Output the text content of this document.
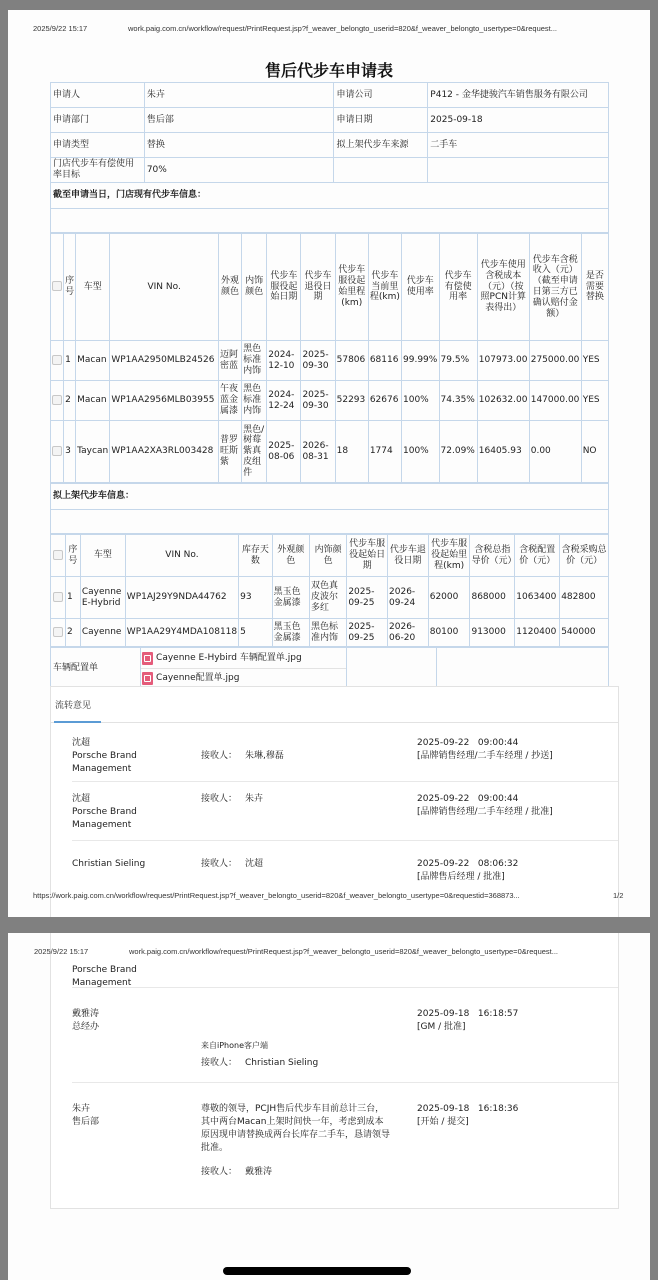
2025/9/22 15:17	work.paig.com.cn/workflow/request/PrintRequest.jsp?f_weaver_belongto_userid=820&f_weaver_belongto_usertype=0&request...
售后代步车申请表
申请人	朱卉	申请公司	P412 - 金华捷骏汽车销售服务有限公司
申请部门	售后部	申请日期	2025-09-18
申请类型	替换	拟上架代步车来源	二手车
门店代步车有偿使用率目标	70%		
截至申请当日，门店现有代步车信息：			

	序号	车型	VIN No.	外观颜色	内饰颜色	代步车服役起始日期	代步车退役日期	代步车服役起始里程(km)	代步车当前里程(km)	代步车使用率	代步车有偿使用率	代步车使用含税成本（元）（按照PCN计算表得出）	代步车含税收入（元）（截至申请日第三方已确认赔付金额）	是否需要替换
	1	Macan	WP1AA2950MLB24526	迈阿密蓝	黑色标准内饰	2024-12-10	2025-09-30	57806	68116	99.99%	79.5%	107973.00	275000.00	YES
	2	Macan	WP1AA2956MLB03955	午夜蓝金属漆	黑色标准内饰	2024-12-24	2025-09-30	52293	62676	100%	74.35%	102632.00	147000.00	YES
	3	Taycan	WP1AA2XA3RL003428	普罗旺斯紫	黑色/树莓紫真皮组件	2025-08-06	2026-08-31	18	1774	100%	72.09%	16405.93	0.00	NO
拟上架代步车信息：

	序号	车型	VIN No.	库存天数	外观颜色	内饰颜色	代步车服役起始日期	代步车退役日期	代步车服役起始里程(km)	含税总指导价（元）	含税配置价（元）	含税采购总价（元）
	1	Cayenne E-Hybrid	WP1AJ29Y9NDA44762	93	黑玉色金属漆	双色真皮波尔多红	2025-09-25	2026-09-24	62000	868000	1063400	482800
	2	Cayenne	WP1AA29Y4MDA108118	5	黑玉色金属漆	黑色标准内饰	2025-09-25	2026-06-20	80100	913000	1120400	540000
车辆配置单	
Cayenne E-Hybird 车辆配置单.jpg
Cayenne配置单.jpg

流转意见
沈超
Porsche Brand Management
接收人： 朱琳,穆磊
2025-09-22   09:00:44
[品牌销售经理/二手车经理 / 抄送]
沈超
Porsche Brand Management
接收人： 朱卉	2025-09-22   09:00:44
[品牌销售经理/二手车经理 / 批准]
Christian Sieling	接收人： 沈超	2025-09-22   08:06:32
[品牌售后经理 / 批准]
https://work.paig.com.cn/workflow/request/PrintRequest.jsp?f_weaver_belongto_userid=820&f_weaver_belongto_usertype=0&requestid=368873...	1/2
2025/9/22 15:17	work.paig.com.cn/workflow/request/PrintRequest.jsp?f_weaver_belongto_userid=820&f_weaver_belongto_usertype=0&request...
Porsche Brand Management
戴雅涛
总经办
来自iPhone客户端
接收人： Christian Sieling
2025-09-18   16:18:57
[GM / 批准]
朱卉
售后部
尊敬的领导，PCJH售后代步车目前总计三台，其中两台Macan上架时间快一年，考虑到成本原因现申请替换成两台长库存二手车，恳请领导批准。
接收人： 戴雅涛
2025-09-18   16:18:36
[开始 / 提交]
